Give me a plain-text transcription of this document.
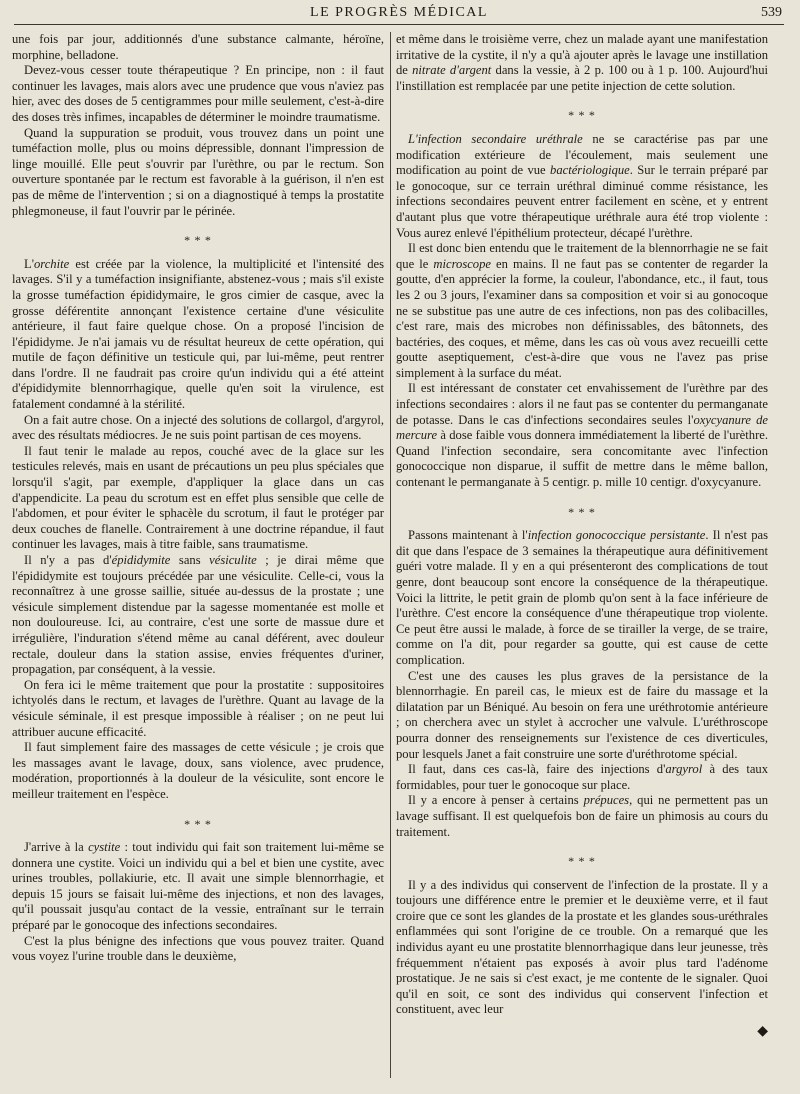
LE PROGRÈS MÉDICAL	539

une fois par jour, additionnés d'une substance calmante, héroïne, morphine, belladone.

Devez-vous cesser toute thérapeutique ? En principe, non : il faut continuer les lavages, mais alors avec une prudence que vous n'aviez pas hier, avec des doses de 5 centigrammes pour mille seulement, c'est-à-dire des doses très infimes, incapables de déterminer le moindre traumatisme.

Quand la suppuration se produit, vous trouvez dans un point une tuméfaction molle, plus ou moins dépressible, donnant l'impression de linge mouillé. Elle peut s'ouvrir par l'urèthre, ou par le rectum. Son ouverture spontanée par le rectum est favorable à la guérison, il n'en est pas de même de l'intervention ; si on a diagnostiqué à temps la prostatite phlegmoneuse, il faut l'ouvrir par le périnée.

* * *

L'orchite est créée par la violence, la multiplicité et l'intensité des lavages. S'il y a tuméfaction insignifiante, abstenez-vous ; mais s'il existe la grosse tuméfaction épididymaire, le gros cimier de casque, avec la grosse déférentite annonçant l'existence certaine d'une vésiculite antérieure, il faut faire quelque chose. On a proposé l'incision de l'épididyme. Je n'ai jamais vu de résultat heureux de cette opération, qui mutile de façon définitive un testicule qui, par lui-même, peut rentrer dans l'ordre. Il ne faudrait pas croire qu'un individu qui a été atteint d'épididymite blennorrhagique, quelle qu'en soit la virulence, est fatalement condamné à la stérilité.

On a fait autre chose. On a injecté des solutions de collargol, d'argyrol, avec des résultats médiocres. Je ne suis point partisan de ces moyens.

Il faut tenir le malade au repos, couché avec de la glace sur les testicules relevés, mais en usant de précautions un peu plus spéciales que lorsqu'il s'agit, par exemple, d'appliquer la glace dans un cas d'appendicite. La peau du scrotum est en effet plus sensible que celle de l'abdomen, et pour éviter le sphacèle du scrotum, il faut le protéger par deux couches de flanelle. Contrairement à une doctrine répandue, il faut continuer les lavages, mais à titre faible, sans traumatisme.

Il n'y a pas d'épididymite sans vésiculite ; je dirai même que l'épididymite est toujours précédée par une vésiculite. Celle-ci, vous la reconnaîtrez à une grosse saillie, située au-dessus de la prostate ; une vésicule simplement distendue par la sagesse momentanée est molle et non douloureuse. Ici, au contraire, c'est une sorte de massue dure et irrégulière, l'induration s'étend même au canal déférent, avec douleur rectale, douleur dans la station assise, envies fréquentes d'uriner, propagation, par conséquent, à la vessie.

On fera ici le même traitement que pour la prostatite : suppositoires ichtyolés dans le rectum, et lavages de l'urèthre. Quant au lavage de la vésicule séminale, il est presque impossible à réaliser ; on ne peut lui attribuer aucune efficacité.

Il faut simplement faire des massages de cette vésicule ; je crois que les massages avant le lavage, doux, sans violence, avec prudence, modération, proportionnés à la douleur de la vésiculite, sont encore le meilleur traitement en l'espèce.

* * *

J'arrive à la cystite : tout individu qui fait son traitement lui-même se donnera une cystite. Voici un individu qui a bel et bien une cystite, avec urines troubles, pollakiurie, etc. Il avait une simple blennorrhagie, et depuis 15 jours se faisait lui-même des injections, et non des lavages, qu'il poussait jusqu'au contact de la vessie, entraînant sur le terrain préparé par le gonocoque des infections secondaires.

C'est la plus bénigne des infections que vous pouvez traiter. Quand vous voyez l'urine trouble dans le deuxième,

et même dans le troisième verre, chez un malade ayant une manifestation irritative de la cystite, il n'y a qu'à ajouter après le lavage une instillation de nitrate d'argent dans la vessie, à 2 p. 100 ou à 1 p. 100. Aujourd'hui l'instillation est remplacée par une petite injection de cette solution.

* * *

L'infection secondaire uréthrale ne se caractérise pas par une modification extérieure de l'écoulement, mais seulement une modification au point de vue bactériologique. Sur le terrain préparé par le gonocoque, sur ce terrain uréthral diminué comme résistance, les infections secondaires peuvent entrer facilement en scène, et y entrent d'autant plus que votre thérapeutique uréthrale aura été trop violente : Vous aurez enlevé l'épithélium protecteur, décapé l'urèthre.

Il est donc bien entendu que le traitement de la blennorrhagie ne se fait que le microscope en mains. Il ne faut pas se contenter de regarder la goutte, d'en apprécier la forme, la couleur, l'abondance, etc., il faut, tous les 2 ou 3 jours, l'examiner dans sa composition et voir si au gonocoque ne se substitue pas une autre de ces infections, non pas des colibacilles, c'est rare, mais des microbes non définissables, des bâtonnets, des bactéries, des coques, et même, dans les cas où vous avez recueilli cette goutte aseptiquement, c'est-à-dire que vous ne l'avez pas prise simplement à la surface du méat.

Il est intéressant de constater cet envahissement de l'urèthre par des infections secondaires : alors il ne faut pas se contenter du permanganate de potasse. Dans le cas d'infections secondaires seules l'oxycyanure de mercure à dose faible vous donnera immédiatement la liberté de l'urèthre. Quand l'infection secondaire, sera concomitante avec l'infection gonococcique non disparue, il suffit de mettre dans le même ballon, contenant le permanganate à 5 centigr. p. mille 10 centigr. d'oxycyanure.

* * *

Passons maintenant à l'infection gonococcique persistante. Il n'est pas dit que dans l'espace de 3 semaines la thérapeutique aura définitivement guéri votre malade. Il y en a qui présenteront des complications de tout genre, dont beaucoup sont encore la conséquence de la thérapeutique. Voici la littrite, le petit grain de plomb qu'on sent à la face inférieure de l'urèthre. C'est encore la conséquence d'une thérapeutique trop violente. Ce peut être aussi le malade, à force de se tirailler la verge, de se traire, comme on l'a dit, pour regarder sa goutte, qui est cause de cette complication.

C'est une des causes les plus graves de la persistance de la blennorrhagie. En pareil cas, le mieux est de faire du massage et la dilatation par un Béniqué. Au besoin on fera une uréthrotomie antérieure ; on cherchera avec un stylet à accrocher une valvule. L'uréthroscope pourra donner des renseignements sur l'existence de ces diverticules, pour lesquels Janet a fait construire une sorte d'uréthrotome spécial.

Il faut, dans ces cas-là, faire des injections d'argyrol à des taux formidables, pour tuer le gonocoque sur place.

Il y a encore à penser à certains prépuces, qui ne permettent pas un lavage suffisant. Il est quelquefois bon de faire un phimosis au cours du traitement.

* * *

Il y a des individus qui conservent de l'infection de la prostate. Il y a toujours une différence entre le premier et le deuxième verre, et il faut croire que ce sont les glandes de la prostate et les glandes sous-uréthrales enflammées qui sont l'origine de ce trouble. On a remarqué que les individus ayant eu une prostatite blennorrhagique dans leur jeunesse, très fréquemment n'étaient pas exposés à avoir plus tard l'adénome prostatique. Je ne sais si c'est exact, je me contente de le signaler. Quoi qu'il en soit, ce sont des individus qui conservent l'infection et constituent, avec leur

◆
